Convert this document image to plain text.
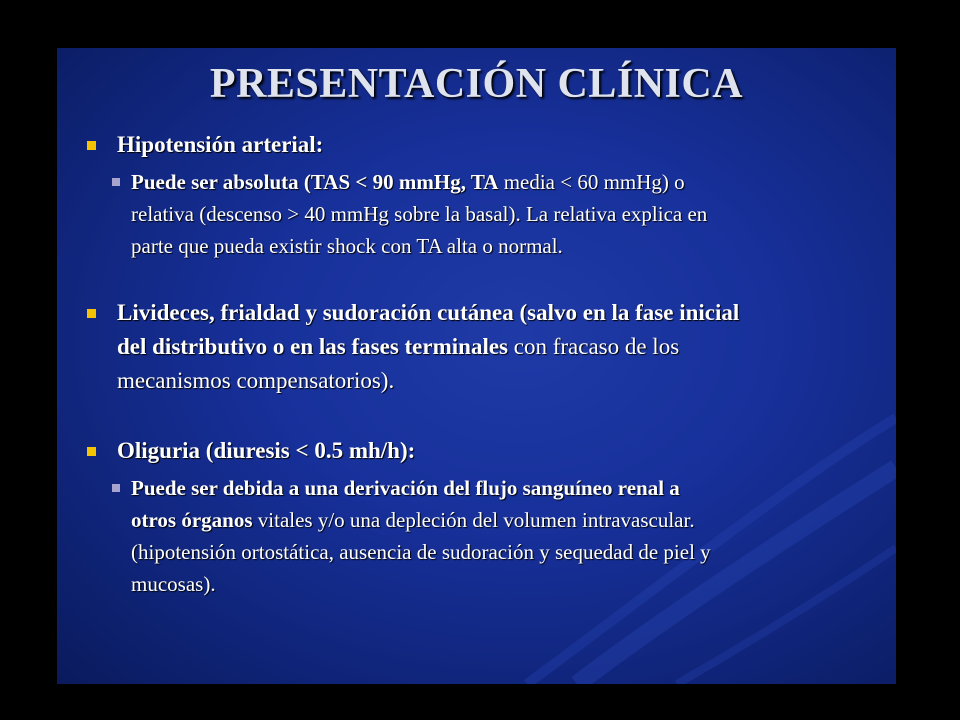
PRESENTACIÓN CLÍNICA
Hipotensión arterial:
Puede ser absoluta (TAS < 90 mmHg, TA media < 60 mmHg) o
relativa (descenso > 40 mmHg sobre la basal). La relativa explica en
parte que pueda existir shock con TA alta o normal.
Livideces, frialdad y sudoración cutánea (salvo en la fase inicial
del distributivo o en las fases terminales con fracaso de los
mecanismos compensatorios).
Oliguria (diuresis < 0.5 mh/h):
Puede ser debida a una derivación del flujo sanguíneo renal a
otros órganos vitales y/o una depleción del volumen intravascular.
(hipotensión ortostática, ausencia de sudoración y sequedad de piel y
mucosas).
